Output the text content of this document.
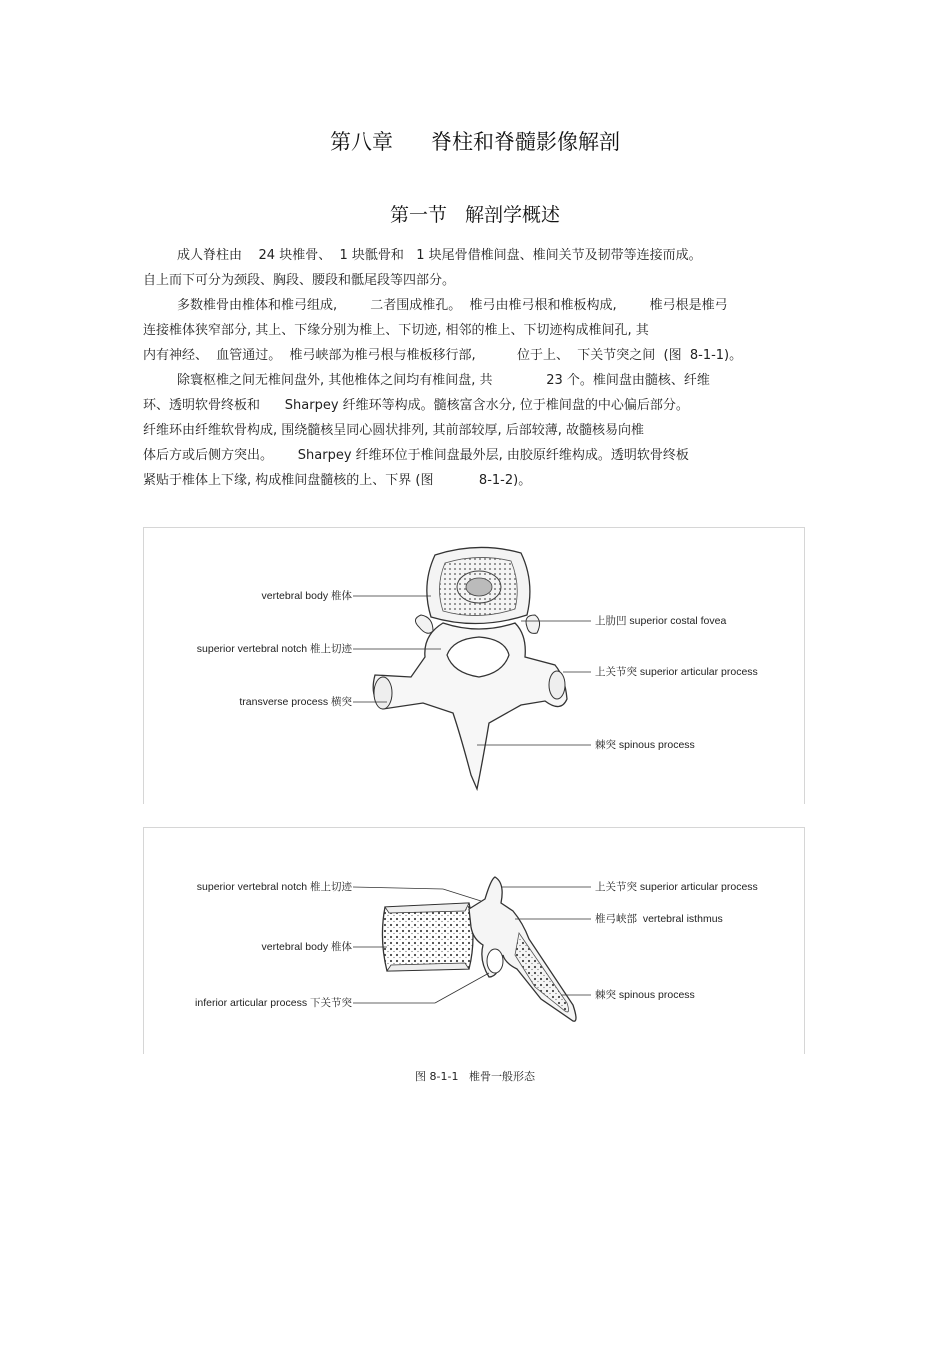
第八章 脊柱和脊髓影像解剖
第一节   解剖学概述
成人脊柱由    24 块椎骨、  1 块骶骨和   1 块尾骨借椎间盘、椎间关节及韧带等连接而成。
自上而下可分为颈段、胸段、腰段和骶尾段等四部分。
多数椎骨由椎体和椎弓组成,        二者围成椎孔。  椎弓由椎弓根和椎板构成,        椎弓根是椎弓
连接椎体狭窄部分, 其上、下缘分别为椎上、下切迹, 相邻的椎上、下切迹构成椎间孔, 其
内有神经、  血管通过。  椎弓峡部为椎弓根与椎板移行部,          位于上、  下关节突之间  (图  8-1-1)。
除寰枢椎之间无椎间盘外, 其他椎体之间均有椎间盘, 共             23 个。椎间盘由髓核、纤维
环、透明软骨终板和      Sharpey 纤维环等构成。髓核富含水分, 位于椎间盘的中心偏后部分。
纤维环由纤维软骨构成, 围绕髓核呈同心圆状排列, 其前部较厚, 后部较薄, 故髓核易向椎
体后方或后侧方突出。      Sharpey 纤维环位于椎间盘最外层, 由胶原纤维构成。透明软骨终板
紧贴于椎体上下缘, 构成椎间盘髓核的上、下界 (图           8-1-2)。
vertebral body 椎体
superior vertebral notch 椎上切迹
transverse process 横突
上肋凹 superior costal fovea
上关节突 superior articular process
棘突 spinous process
superior vertebral notch 椎上切迹
vertebral body 椎体
inferior articular process 下关节突
上关节突 superior articular process
椎弓峡部  vertebral isthmus
棘突 spinous process
图 8-1-1   椎骨一般形态
